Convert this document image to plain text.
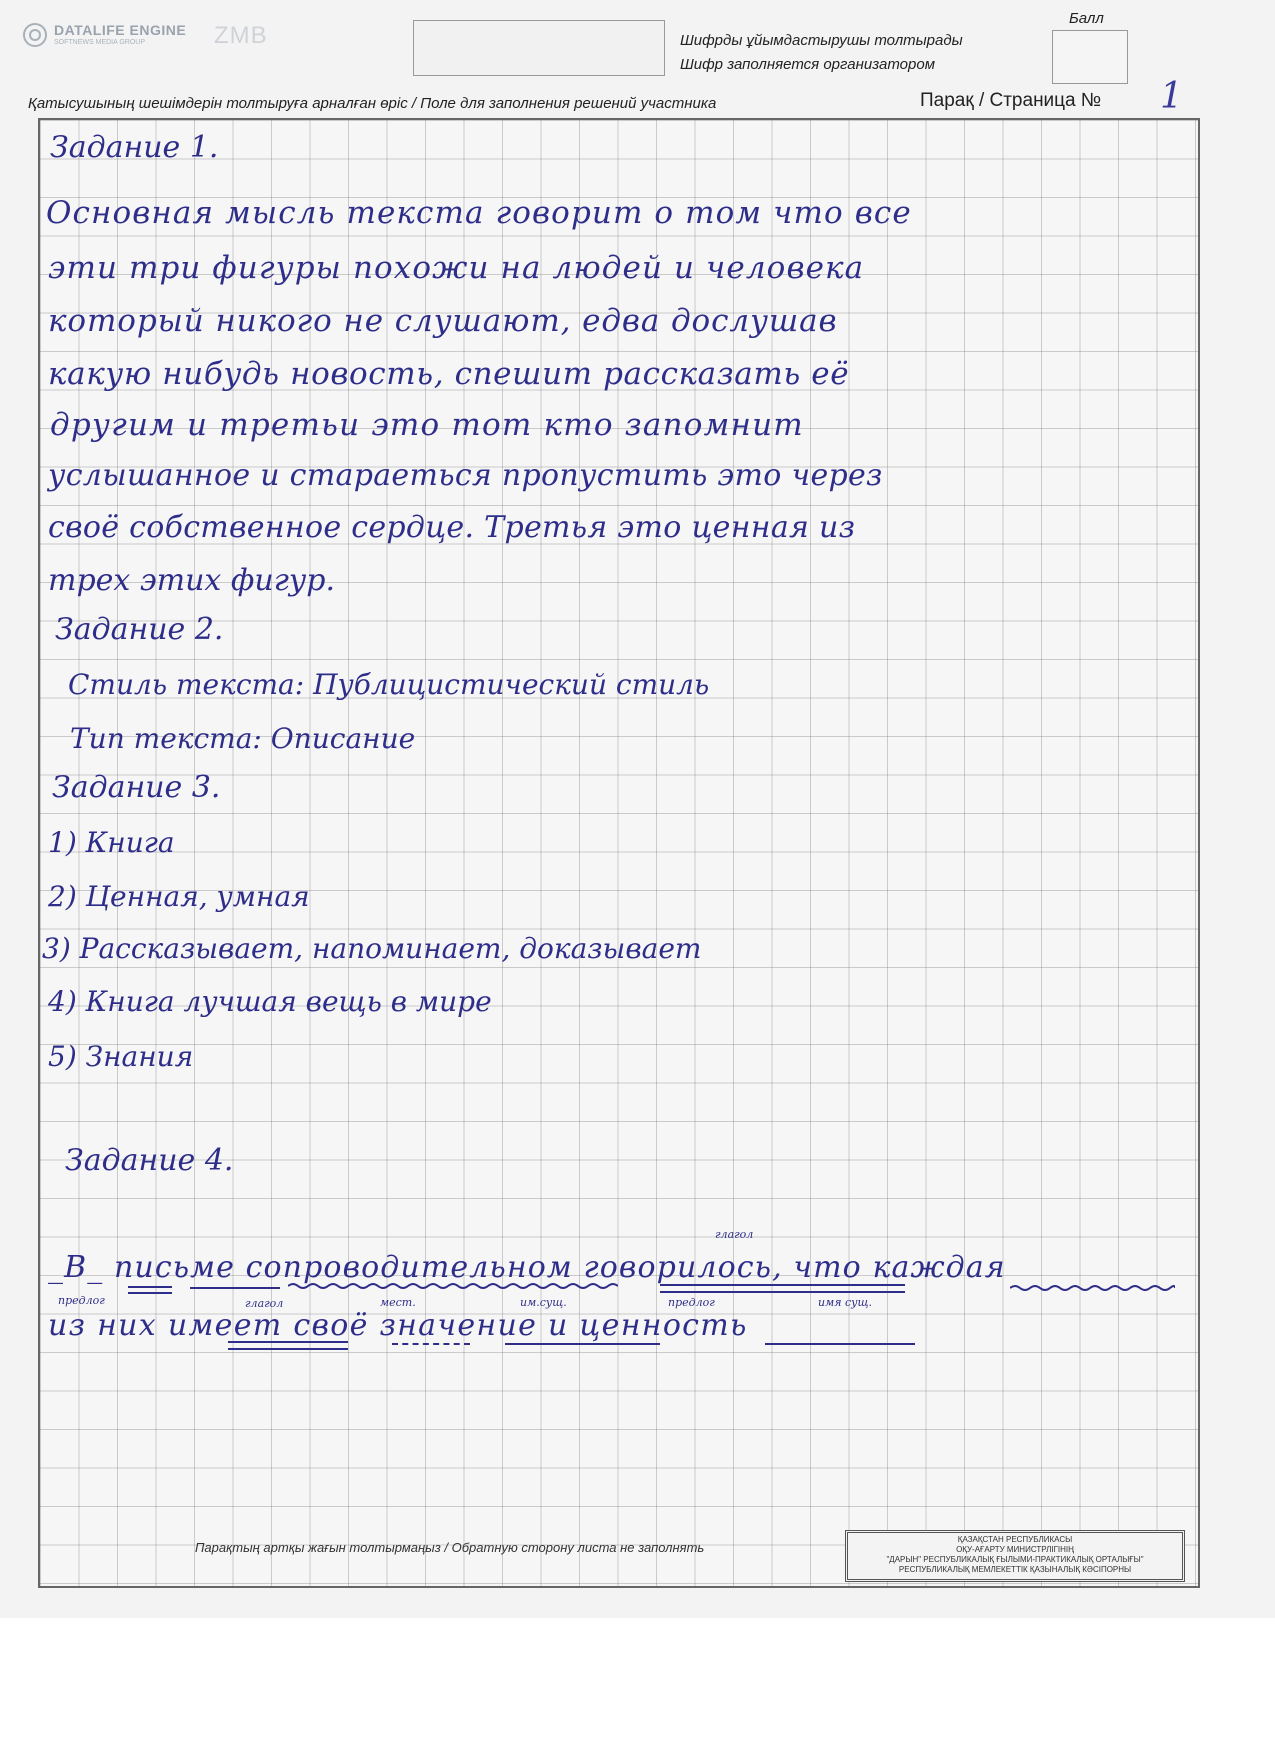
DATALIFE ENGINE
SOFTNEWS MEDIA GROUP	ZMB	Шифрды ұйымдастырушы толтырады
Шифр заполняется организатором
Балл
Қатысушының шешімдерін толтыруға арналған өріс / Поле для заполнения решений участника	Парақ / Страница № 1
Задание 1.
Основная мысль текста говорит о том что все
эти три фигуры похожи на людей и человека
который никого не слушают, едва дослушав
какую нибудь новость, спешит рассказать её
другим и третьи это тот кто запомнит
услышанное и стараеться пропустить это через
своё собственное сердце. Третья это ценная из
трех этих фигур.
Задание 2.
Стиль текста: Публицистический стиль
Тип текста: Описание
Задание 3.
1) Книга
2) Ценная, умная
3) Рассказывает, напоминает, доказывает
4) Книга лучшая вещь в мире
5) Знания
Задание 4.
глагол
_В_ письме сопроводительном говорилось, что каждая
предлог	глагол	мест.	им.сущ.	предлог	имя сущ.
из них имеет своё значение и ценность
Парақтың артқы жағын толтырмаңыз / Обратную сторону листа не заполнять
ҚАЗАҚСТАН РЕСПУБЛИКАСЫ
ОҚУ-АҒАРТУ МИНИСТРЛІГІНІҢ
"ДАРЫН" РЕСПУБЛИКАЛЫҚ ҒЫЛЫМИ-ПРАКТИКАЛЫҚ ОРТАЛЫҒЫ"
РЕСПУБЛИКАЛЫҚ МЕМЛЕКЕТТІК ҚАЗЫНАЛЫҚ КӘСІПОРНЫ
